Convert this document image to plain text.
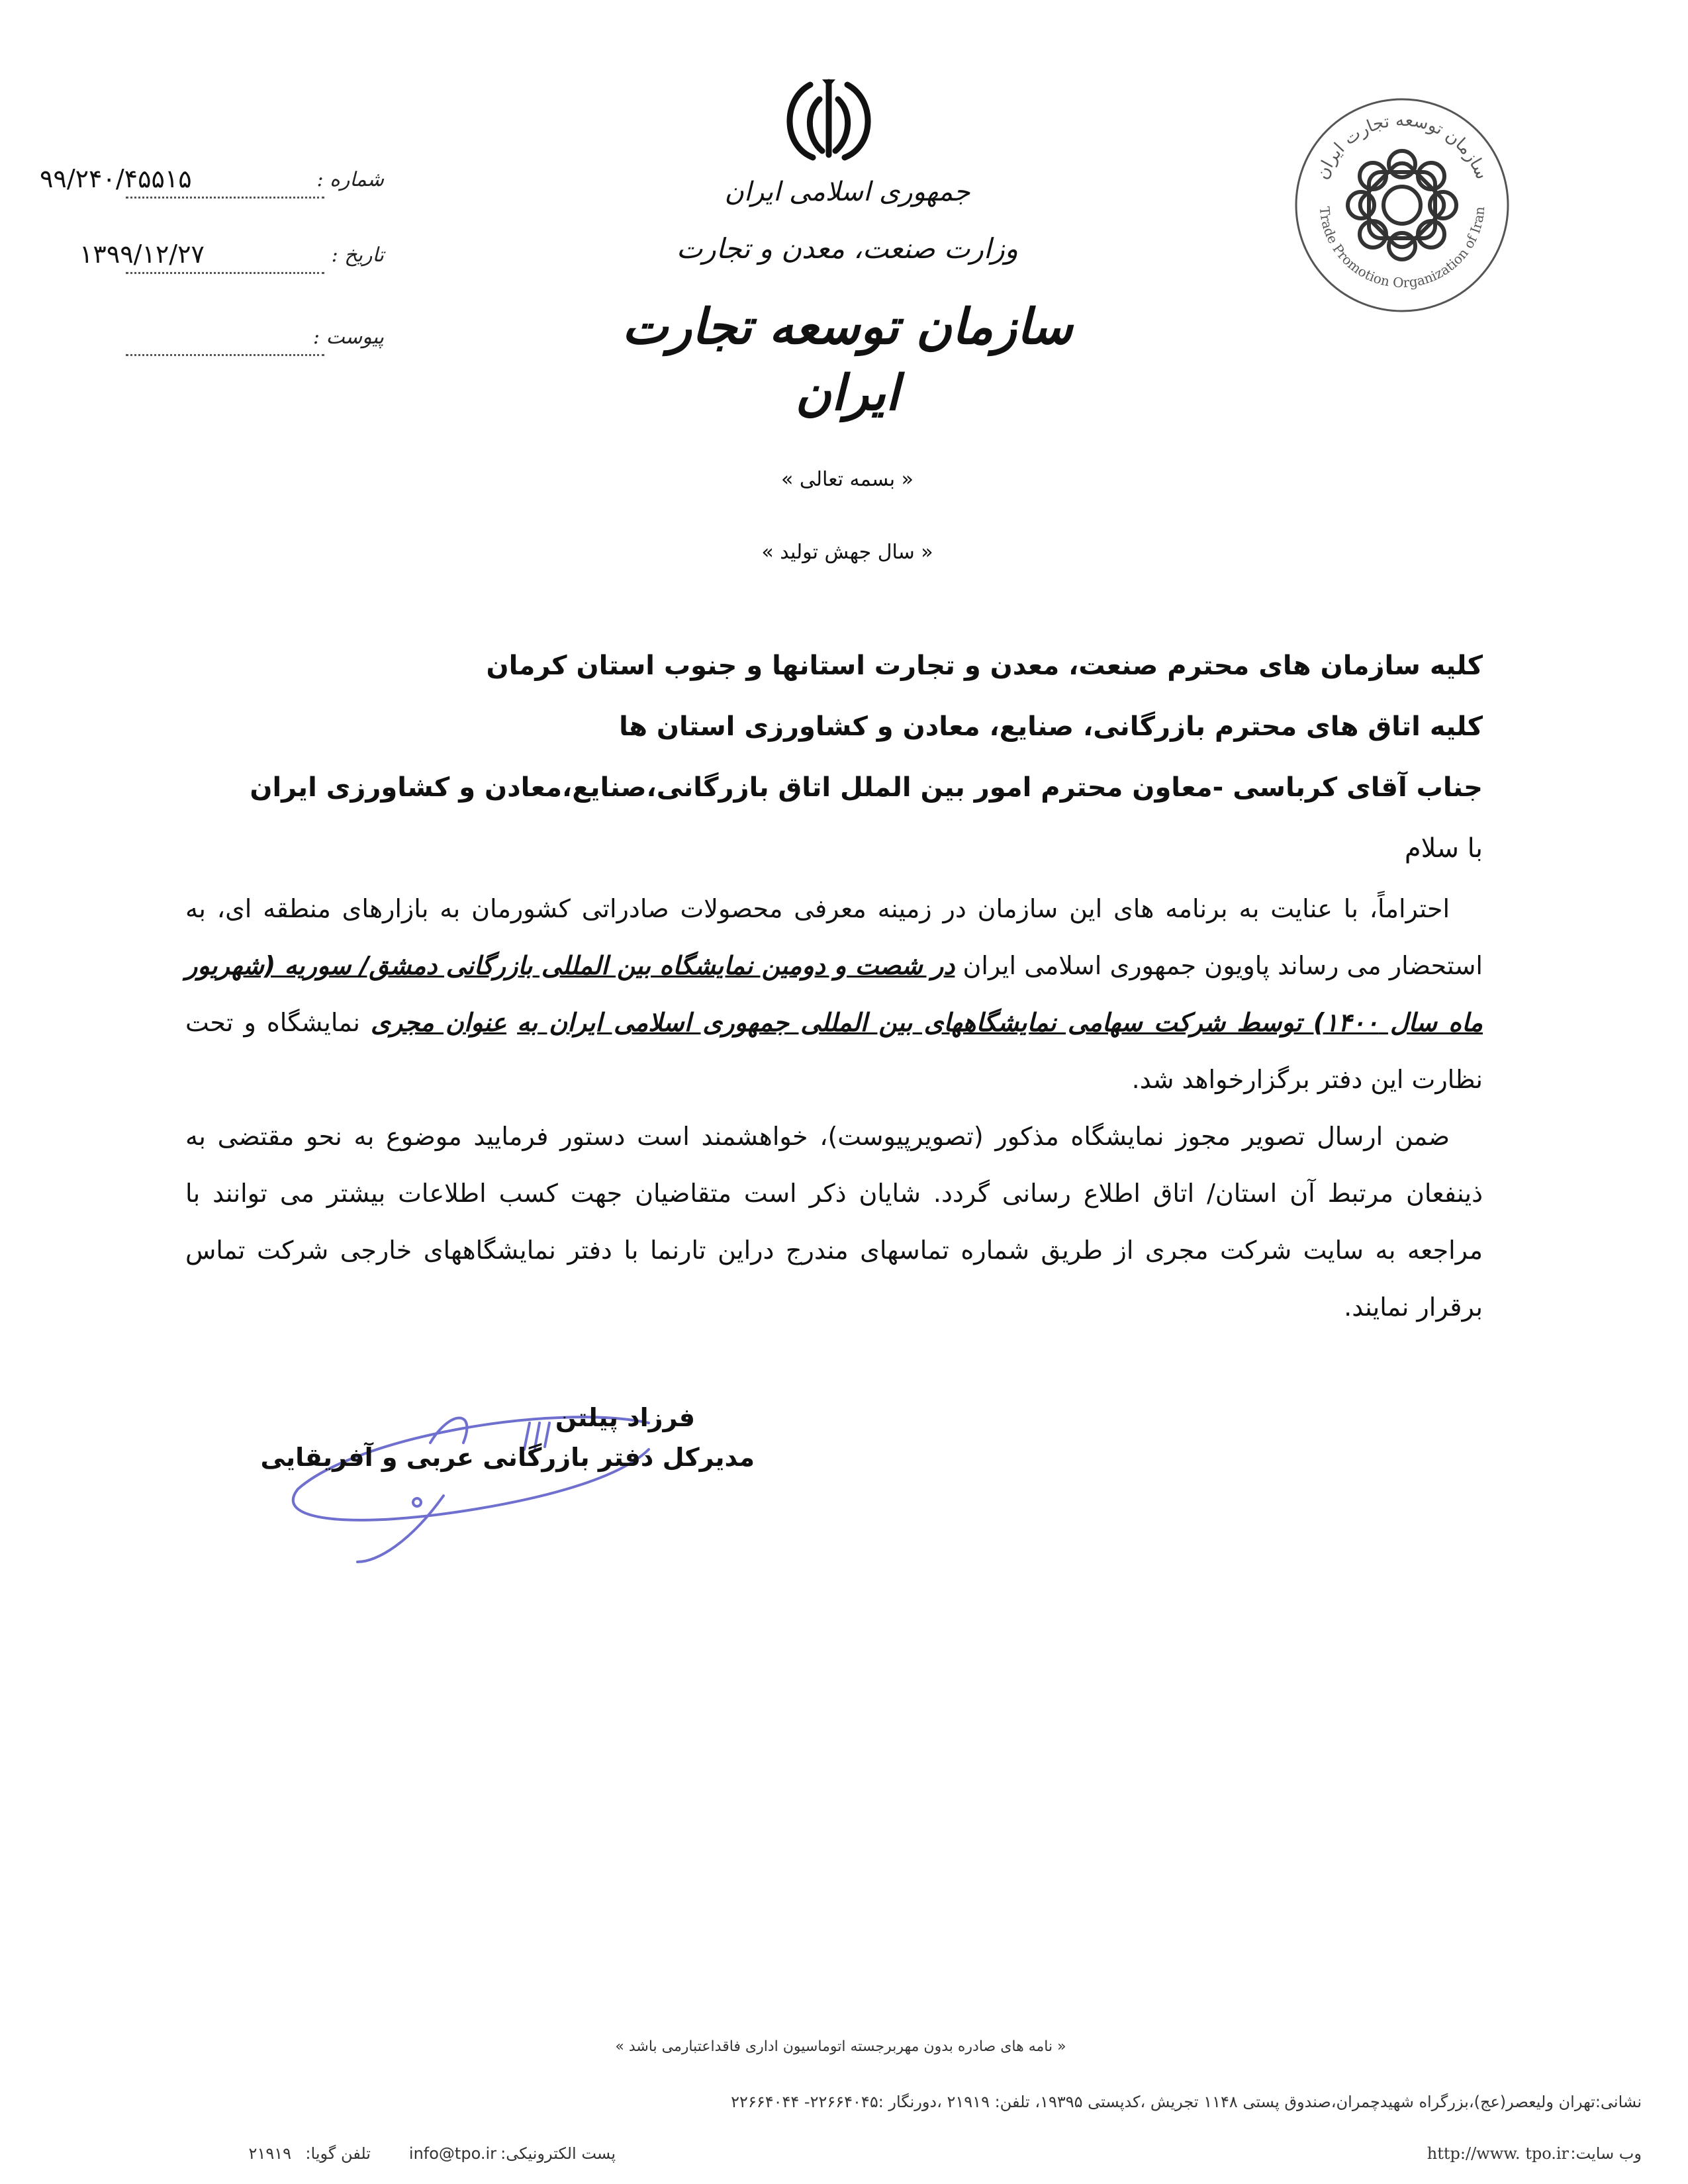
شماره :
۹۹/۲۴۰/۴۵۵۱۵
تاریخ :
۱۳۹۹/۱۲/۲۷
پیوست :
جمهوری اسلامی ایران
وزارت صنعت، معدن و تجارت
سازمان توسعه تجارت ایران
« بسمه تعالی »
« سال جهش تولید »
سازمان توسعه تجارت ایران
Trade Promotion Organization of Iran
کلیه سازمان های محترم صنعت، معدن و تجارت استانها و جنوب استان کرمان
کلیه اتاق های محترم بازرگانی، صنایع، معادن و کشاورزی استان ها
جناب آقای کرباسی -معاون محترم امور بین الملل اتاق بازرگانی،صنایع،معادن و کشاورزی ایران
با سلام

احتراماً، با عنایت به برنامه های این سازمان در زمینه معرفی محصولات صادراتی کشورمان به بازارهای منطقه ای، به استحضار می رساند پاویون جمهوری اسلامی ایران در شصت و دومین نمایشگاه بین المللی بازرگانی دمشق/ سوریه (شهریور ماه سال ۱۴۰۰) توسط شرکت سهامی نمایشگاههای بین المللی جمهوری اسلامی ایران به عنوان مجری نمایشگاه و تحت نظارت این دفتر برگزارخواهد شد.

ضمن ارسال تصویر مجوز نمایشگاه مذکور (تصویرپیوست)، خواهشمند است دستور فرمایید موضوع به نحو مقتضی به ذینفعان مرتبط آن استان/ اتاق اطلاع رسانی گردد. شایان ذکر است متقاضیان جهت کسب اطلاعات بیشتر می توانند با مراجعه به سایت شرکت مجری از طریق شماره تماسهای مندرج دراین تارنما با دفتر نمایشگاههای خارجی شرکت تماس برقرار نمایند.

فرزاد پیلتن
مدیرکل دفتر بازرگانی عربی و آفریقایی
« نامه های صادره بدون مهربرجسته اتوماسیون اداری فاقداعتبارمی باشد »
نشانی:تهران ولیعصر(عج)،بزرگراه شهیدچمران،صندوق پستی ۱۱۴۸ تجریش ،کدپستی ۱۹۳۹۵، تلفن: ۲۱۹۱۹ ،دورنگار :۲۲۶۶۴۰۴۵- ۲۲۶۶۴۰۴۴
وب سایت:
http://www. tpo.ir
پست الکترونیکی:
info@tpo.ir
تلفن گویا:
۲۱۹۱۹
